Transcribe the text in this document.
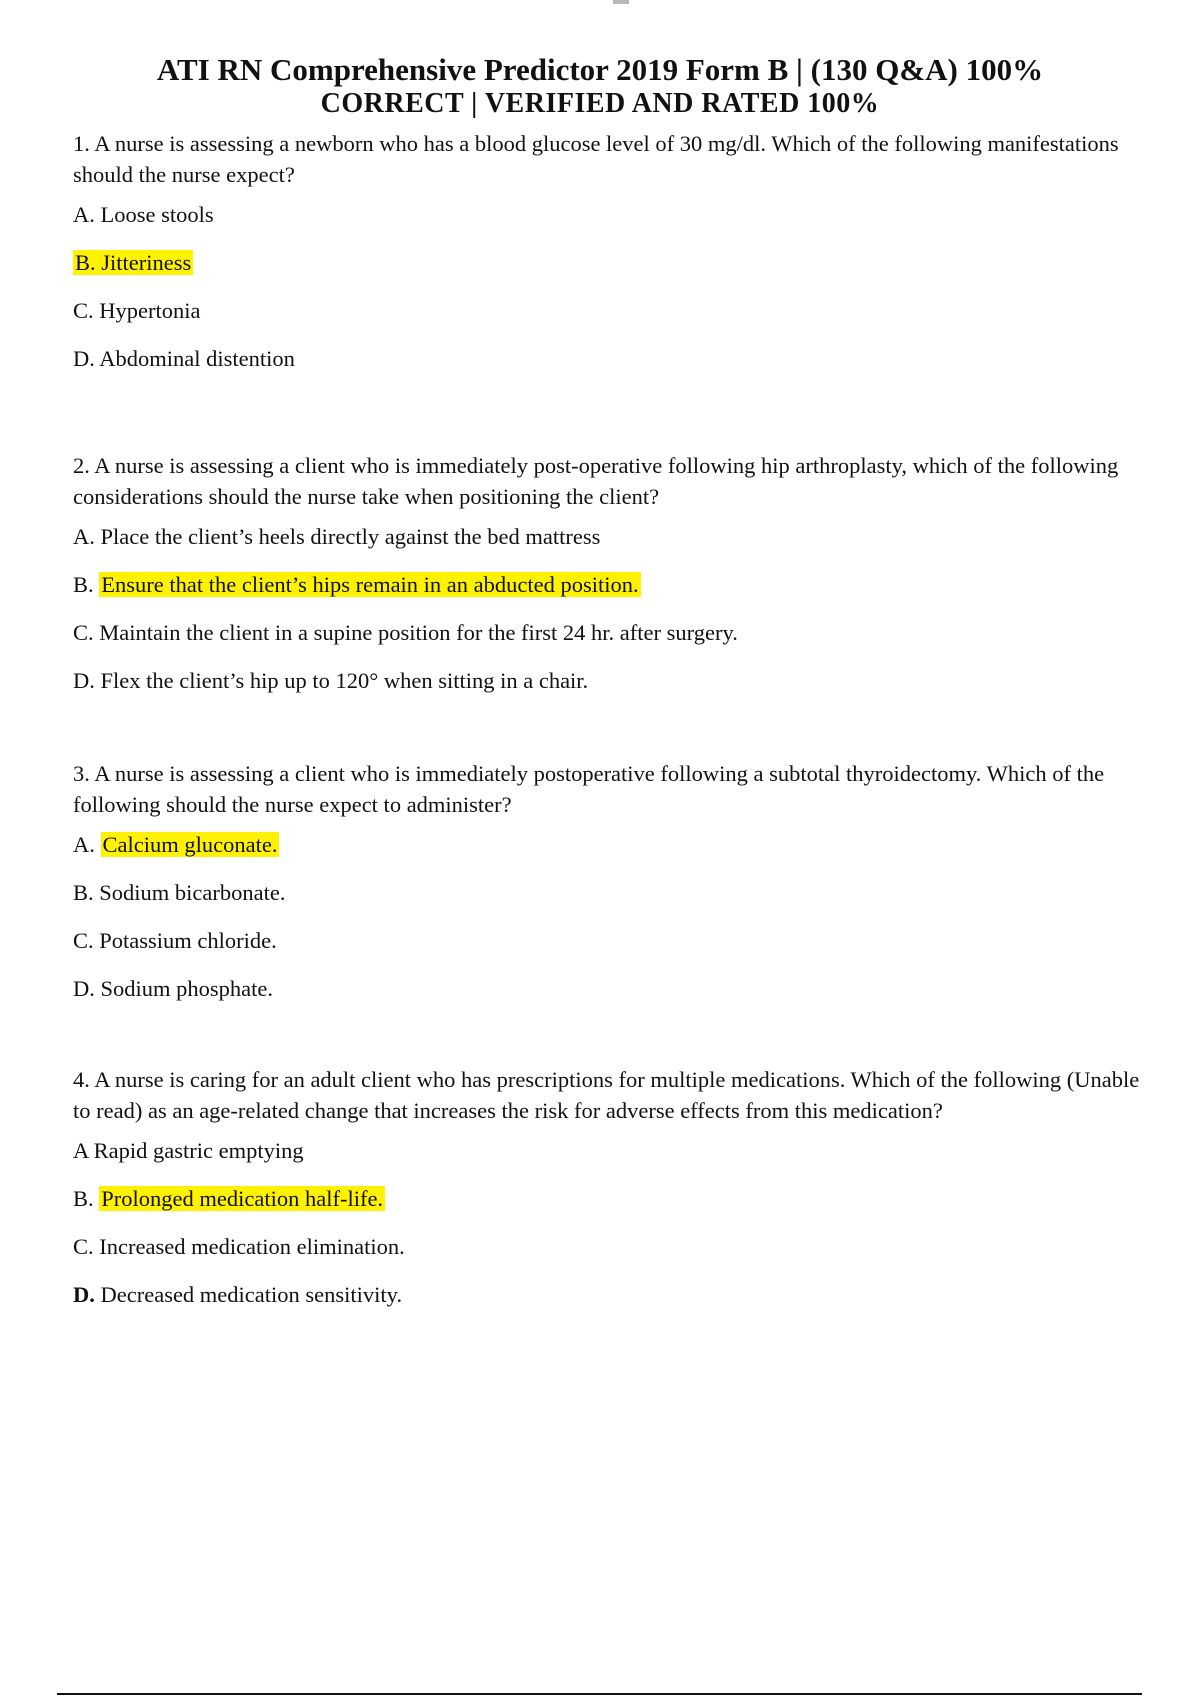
ATI RN Comprehensive Predictor 2019 Form B | (130 Q&A) 100%
CORRECT | VERIFIED AND RATED 100%

1. A nurse is assessing a newborn who has a blood glucose level of 30 mg/dl. Which of the following manifestations should the nurse expect?

A. Loose stools
B. Jitteriness
C. Hypertonia
D. Abdominal distention

2. A nurse is assessing a client who is immediately post-operative following hip arthroplasty, which of the following considerations should the nurse take when positioning the client?

A. Place the client’s heels directly against the bed mattress
B. Ensure that the client’s hips remain in an abducted position.
C. Maintain the client in a supine position for the first 24 hr. after surgery.
D. Flex the client’s hip up to 120° when sitting in a chair.

3. A nurse is assessing a client who is immediately postoperative following a subtotal thyroidectomy. Which of the following should the nurse expect to administer?

A. Calcium gluconate.
B. Sodium bicarbonate.
C. Potassium chloride.
D. Sodium phosphate.

4. A nurse is caring for an adult client who has prescriptions for multiple medications. Which of the following (Unable to read) as an age-related change that increases the risk for adverse effects from this medication?

A Rapid gastric emptying
B. Prolonged medication half-life.
C. Increased medication elimination.
D. Decreased medication sensitivity.
